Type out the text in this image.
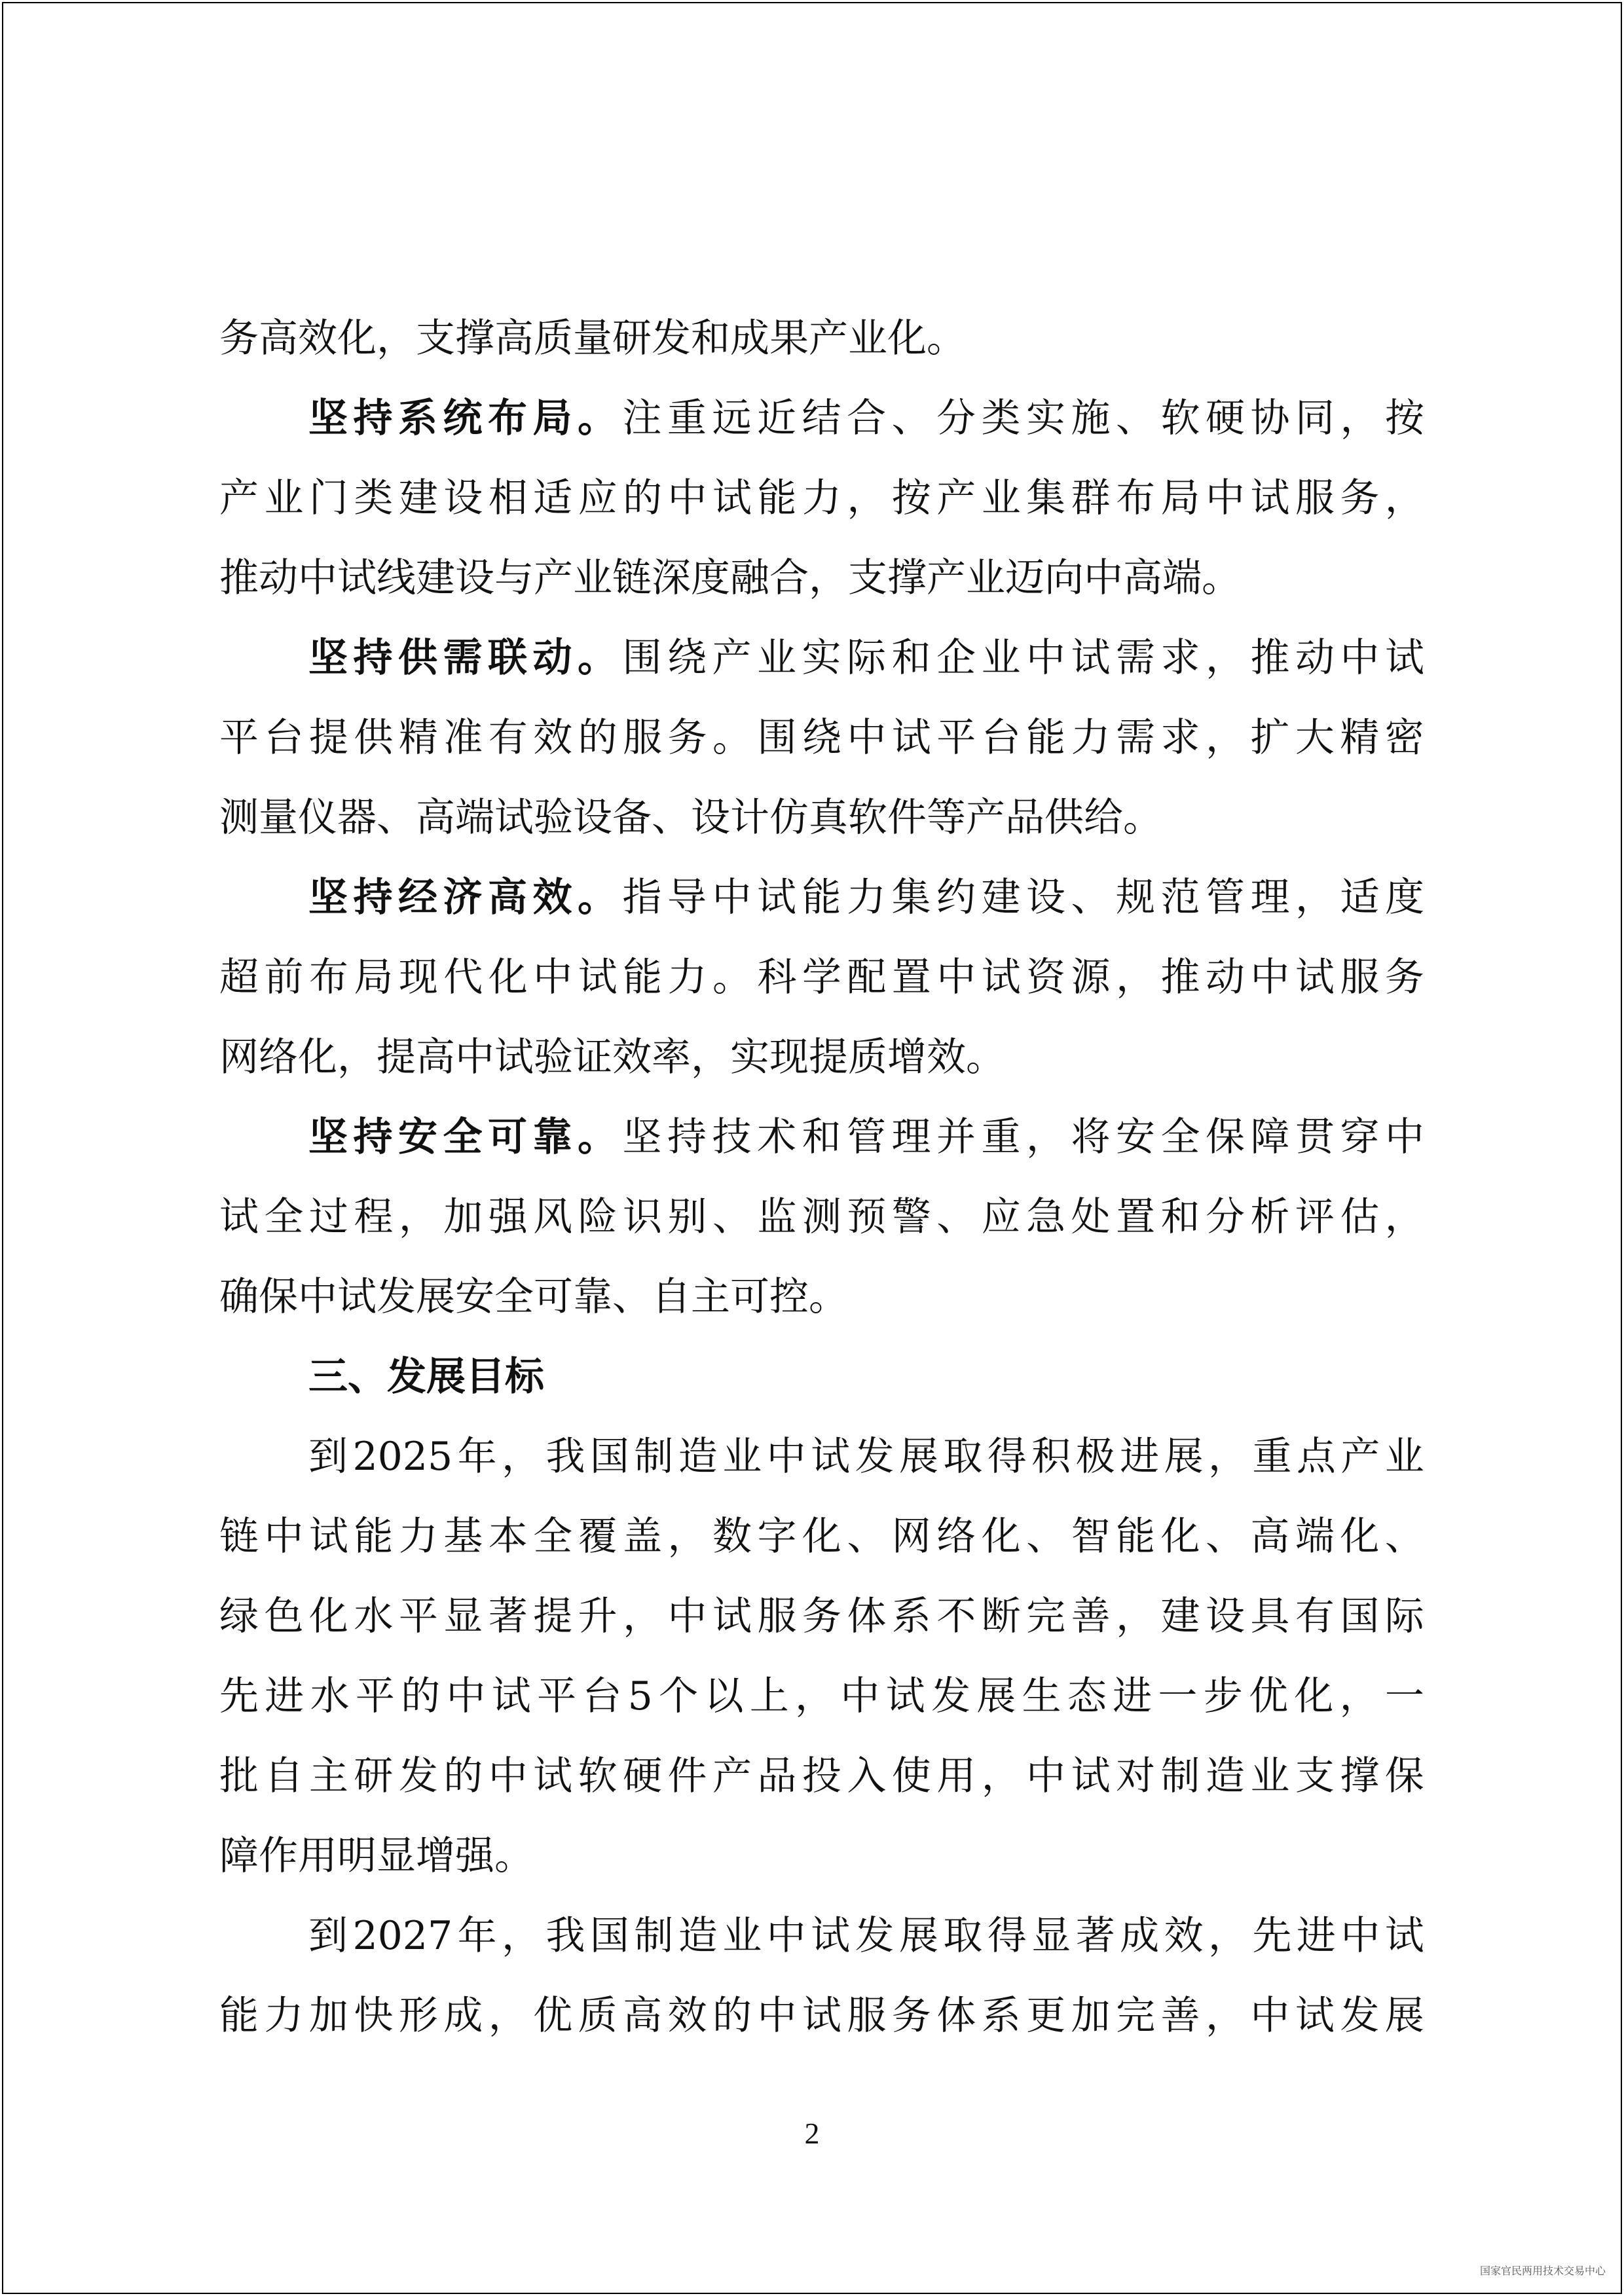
务 高 效 化 ， 支 撑 高 质 量 研 发 和 成 果 产 业 化 。
坚 持 系 统 布 局 。 注 重 远 近 结 合 、 分 类 实 施 、 软 硬 协 同 ， 按
产 业 门 类 建 设 相 适 应 的 中 试 能 力 ， 按 产 业 集 群 布 局 中 试 服 务 ，
推 动 中 试 线 建 设 与 产 业 链 深 度 融 合 ， 支 撑 产 业 迈 向 中 高 端 。
坚 持 供 需 联 动 。 围 绕 产 业 实 际 和 企 业 中 试 需 求 ， 推 动 中 试
平 台 提 供 精 准 有 效 的 服 务 。 围 绕 中 试 平 台 能 力 需 求 ， 扩 大 精 密
测 量 仪 器 、 高 端 试 验 设 备 、 设 计 仿 真 软 件 等 产 品 供 给 。
坚 持 经 济 高 效 。 指 导 中 试 能 力 集 约 建 设 、 规 范 管 理 ， 适 度
超 前 布 局 现 代 化 中 试 能 力 。 科 学 配 置 中 试 资 源 ， 推 动 中 试 服 务
网 络 化 ， 提 高 中 试 验 证 效 率 ， 实 现 提 质 增 效 。
坚 持 安 全 可 靠 。 坚 持 技 术 和 管 理 并 重 ， 将 安 全 保 障 贯 穿 中
试 全 过 程 ， 加 强 风 险 识 别 、 监 测 预 警 、 应 急 处 置 和 分 析 评 估 ，
确 保 中 试 发 展 安 全 可 靠 、 自 主 可 控 。
三 、 发 展 目 标
到 2025 年 ， 我 国 制 造 业 中 试 发 展 取 得 积 极 进 展 ， 重 点 产 业
链 中 试 能 力 基 本 全 覆 盖 ， 数 字 化 、 网 络 化 、 智 能 化 、 高 端 化 、
绿 色 化 水 平 显 著 提 升 ， 中 试 服 务 体 系 不 断 完 善 ， 建 设 具 有 国 际
先 进 水 平 的 中 试 平 台 5 个 以 上 ， 中 试 发 展 生 态 进 一 步 优 化 ， 一
批 自 主 研 发 的 中 试 软 硬 件 产 品 投 入 使 用 ， 中 试 对 制 造 业 支 撑 保
障 作 用 明 显 增 强 。
到 2027 年 ， 我 国 制 造 业 中 试 发 展 取 得 显 著 成 效 ， 先 进 中 试
能 力 加 快 形 成 ， 优 质 高 效 的 中 试 服 务 体 系 更 加 完 善 ， 中 试 发 展
2
国家官民两用技术交易中心
